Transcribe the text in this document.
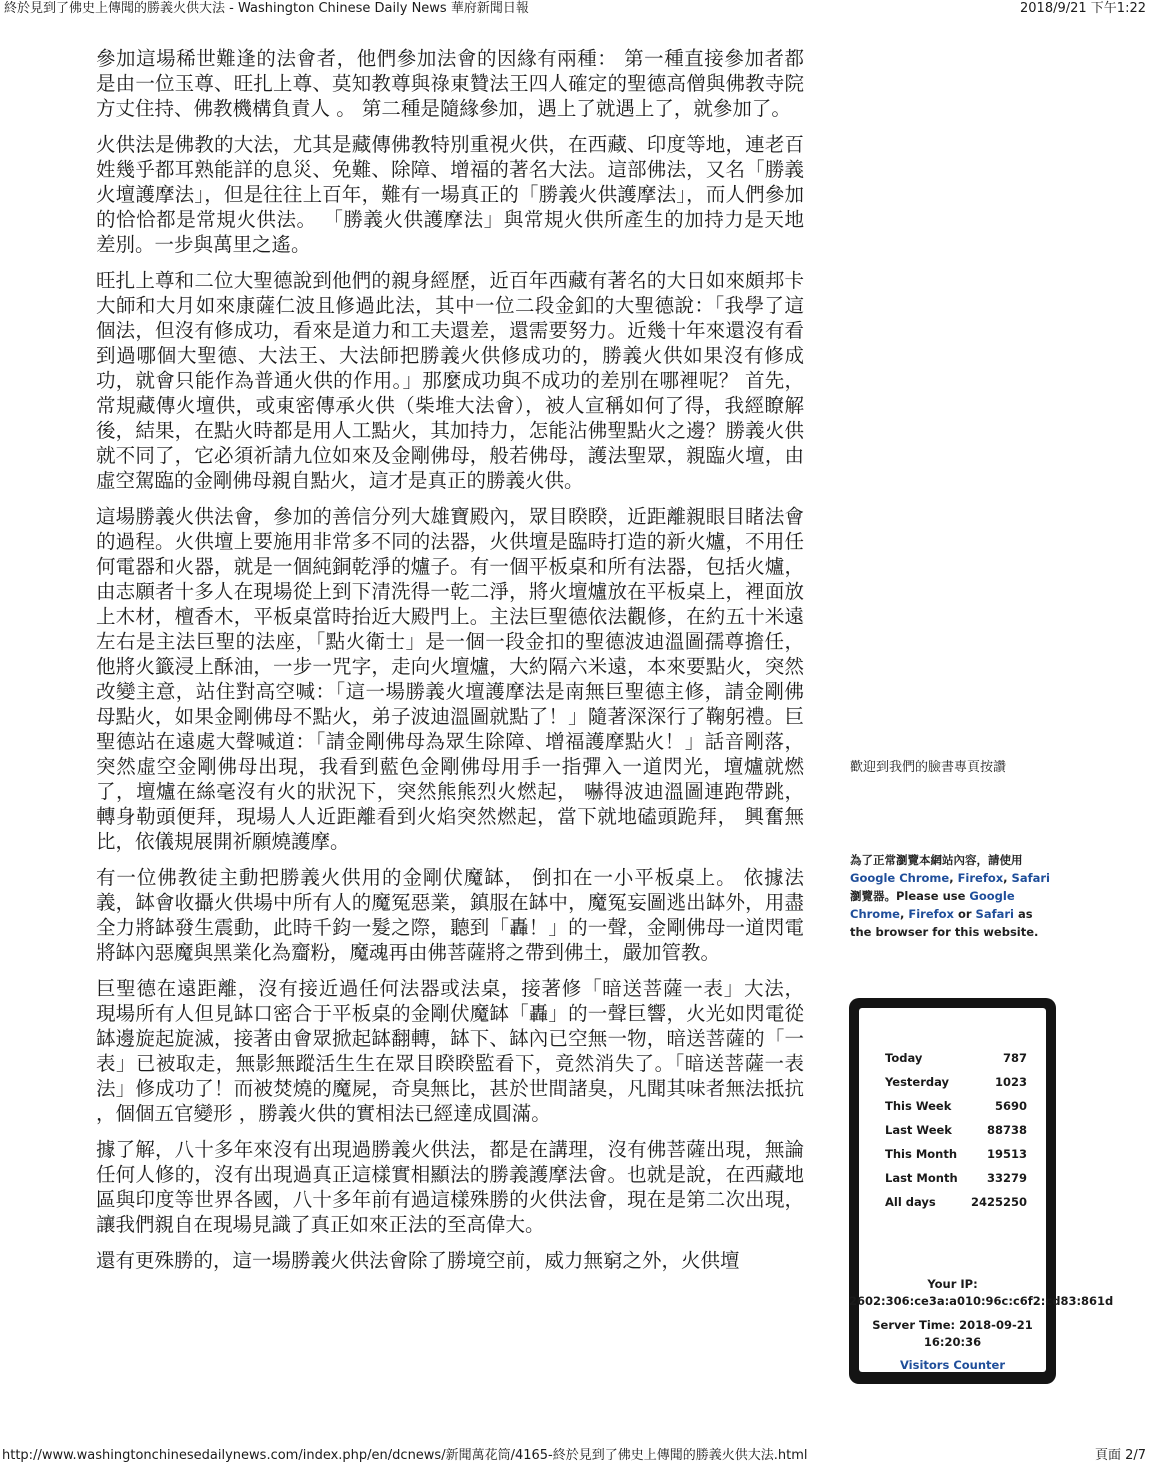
終於見到了佛史上傳聞的勝義火供大法 - Washington Chinese Daily News 華府新聞日報	2018/9/21 下午1:22

參加這場稀世難逢的法會者，他們參加法會的因緣有兩種： 第一種直接參加者都是由一位玉尊、旺扎上尊、莫知教尊與祿東贊法王四人確定的聖德高僧與佛教寺院方丈住持、佛教機構負責人 。 第二種是隨緣參加，遇上了就遇上了，就參加了。

火供法是佛教的大法，尤其是藏傳佛教特別重視火供，在西藏、印度等地，連老百姓幾乎都耳熟能詳的息災、免難、除障、增福的著名大法。這部佛法，又名「勝義火壇護摩法」，但是往往上百年，難有一場真正的「勝義火供護摩法」，而人們參加的恰恰都是常規火供法。 「勝義火供護摩法」與常規火供所產生的加持力是天地差別。一步與萬里之遙。

旺扎上尊和二位大聖德說到他們的親身經歷，近百年西藏有著名的大日如來頗邦卡大師和大月如來康薩仁波且修過此法，其中一位二段金釦的大聖德說：「我學了這個法，但沒有修成功，看來是道力和工夫還差，還需要努力。近幾十年來還沒有看到過哪個大聖德、大法王、大法師把勝義火供修成功的，勝義火供如果沒有修成功，就會只能作為普通火供的作用。」那麼成功與不成功的差別在哪裡呢？ 首先，常規藏傳火壇供，或東密傳承火供（柴堆大法會），被人宣稱如何了得，我經瞭解後，結果，在點火時都是用人工點火，其加持力，怎能沾佛聖點火之邊？勝義火供就不同了，它必須祈請九位如來及金剛佛母，般若佛母，護法聖眾，親臨火壇，由虛空駕臨的金剛佛母親自點火，這才是真正的勝義火供。

這場勝義火供法會，參加的善信分列大雄寶殿內，眾目睽睽，近距離親眼目睹法會的過程。火供壇上要施用非常多不同的法器，火供壇是臨時打造的新火爐，不用任何電器和火器，就是一個純銅乾淨的爐子。有一個平板桌和所有法器，包括火爐，由志願者十多人在現場從上到下清洗得一乾二淨，將火壇爐放在平板桌上，裡面放上木材，檀香木，平板桌當時抬近大殿門上。主法巨聖德依法觀修，在約五十米遠左右是主法巨聖的法座，「點火衛士」是一個一段金扣的聖德波迪溫圖孺尊擔任，他將火籤浸上酥油，一步一咒字，走向火壇爐，大約隔六米遠，本來要點火，突然改變主意，站住對高空喊：「這一場勝義火壇護摩法是南無巨聖德主修，請金剛佛母點火，如果金剛佛母不點火，弟子波迪溫圖就點了！」隨著深深行了鞠躬禮。巨聖德站在遠處大聲喊道：「請金剛佛母為眾生除障、增福護摩點火！」話音剛落，突然虛空金剛佛母出現，我看到藍色金剛佛母用手一指彈入一道閃光，壇爐就燃了，壇爐在絲毫沒有火的狀況下，突然熊熊烈火燃起， 嚇得波迪溫圖連跑帶跳，轉身勒頭便拜，現場人人近距離看到火焰突然燃起，當下就地磕頭跪拜， 興奮無比，依儀規展開祈願燒護摩。

有一位佛教徒主動把勝義火供用的金剛伏魔缽， 倒扣在一小平板桌上。 依據法義，缽會收攝火供場中所有人的魔冤惡業，鎮服在缽中，魔冤妄圖逃出缽外，用盡全力將缽發生震動，此時千鈞一髮之際，聽到「轟！」的一聲，金剛佛母一道閃電將缽內惡魔與黑業化為齏粉，魔魂再由佛菩薩將之帶到佛土，嚴加管教。

巨聖德在遠距離，沒有接近過任何法器或法桌，接著修「暗送菩薩一表」大法， 現場所有人但見缽口密合于平板桌的金剛伏魔缽「轟」的一聲巨響，火光如閃電從缽邊旋起旋滅，接著由會眾掀起缽翻轉，缽下、缽內已空無一物，暗送菩薩的「一表」已被取走，無影無蹤活生生在眾目睽睽監看下，竟然消失了。「暗送菩薩一表法」修成功了！而被焚燒的魔屍，奇臭無比，甚於世間諸臭，凡聞其味者無法抵抗 ，個個五官變形 ，勝義火供的實相法已經達成圓滿。

據了解，八十多年來沒有出現過勝義火供法，都是在講理，沒有佛菩薩出現，無論任何人修的，沒有出現過真正這樣實相顯法的勝義護摩法會。也就是說，在西藏地區與印度等世界各國，八十多年前有過這樣殊勝的火供法會，現在是第二次出現，讓我們親自在現場見識了真正如來正法的至高偉大。

還有更殊勝的，這一場勝義火供法會除了勝境空前，威力無窮之外，火供壇

歡迎到我們的臉書專頁按讚
為了正常瀏覽本網站內容，請使用Google Chrome, Firefox, Safari 瀏覽器。Please use Google Chrome, Firefox or Safari as the browser for this website.
Today	787
Yesterday	1023
This Week	5690
Last Week	88738
This Month	19513
Last Month	33279
All days	2425250
Your IP:
2602:306:ce3a:a010:96c:c6f2:cd83:861d
Server Time: 2018-09-21 16:20:36
Visitors Counter
http://www.washingtonchinesedailynews.com/index.php/en/dcnews/新聞萬花筒/4165-終於見到了佛史上傳聞的勝義火供大法.html	頁面 2/7
